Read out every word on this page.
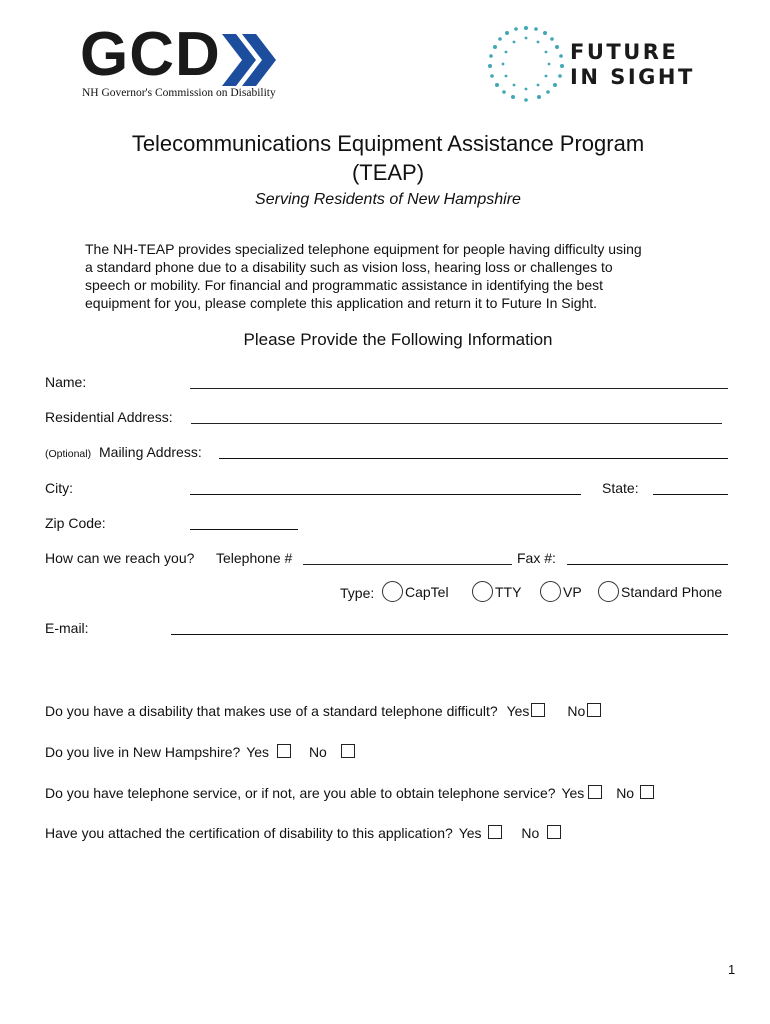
GCD
NH Governor's Commission on Disability
FUTURE
IN SIGHT
Telecommunications Equipment Assistance Program
(TEAP)
Serving Residents of New Hampshire
The NH-TEAP provides specialized telephone equipment for people having difficulty using
a standard phone due to a disability such as vision loss, hearing loss or challenges to
speech or mobility. For financial and programmatic assistance in identifying the best
equipment for you, please complete this application and return it to Future In Sight.
Please Provide the Following Information
Name:
Residential Address:
(Optional) Mailing Address:
City:	State:
Zip Code:
How can we reach you? Telephone #	Fax #:
Type:	CapTel	TTY	VP	Standard Phone
E-mail:
Do you have a disability that makes use of a standard telephone difficult? Yes	No
Do you live in New Hampshire? Yes	No
Do you have telephone service, or if not, are you able to obtain telephone service? Yes No
Have you attached the certification of disability to this application? Yes	No
1
